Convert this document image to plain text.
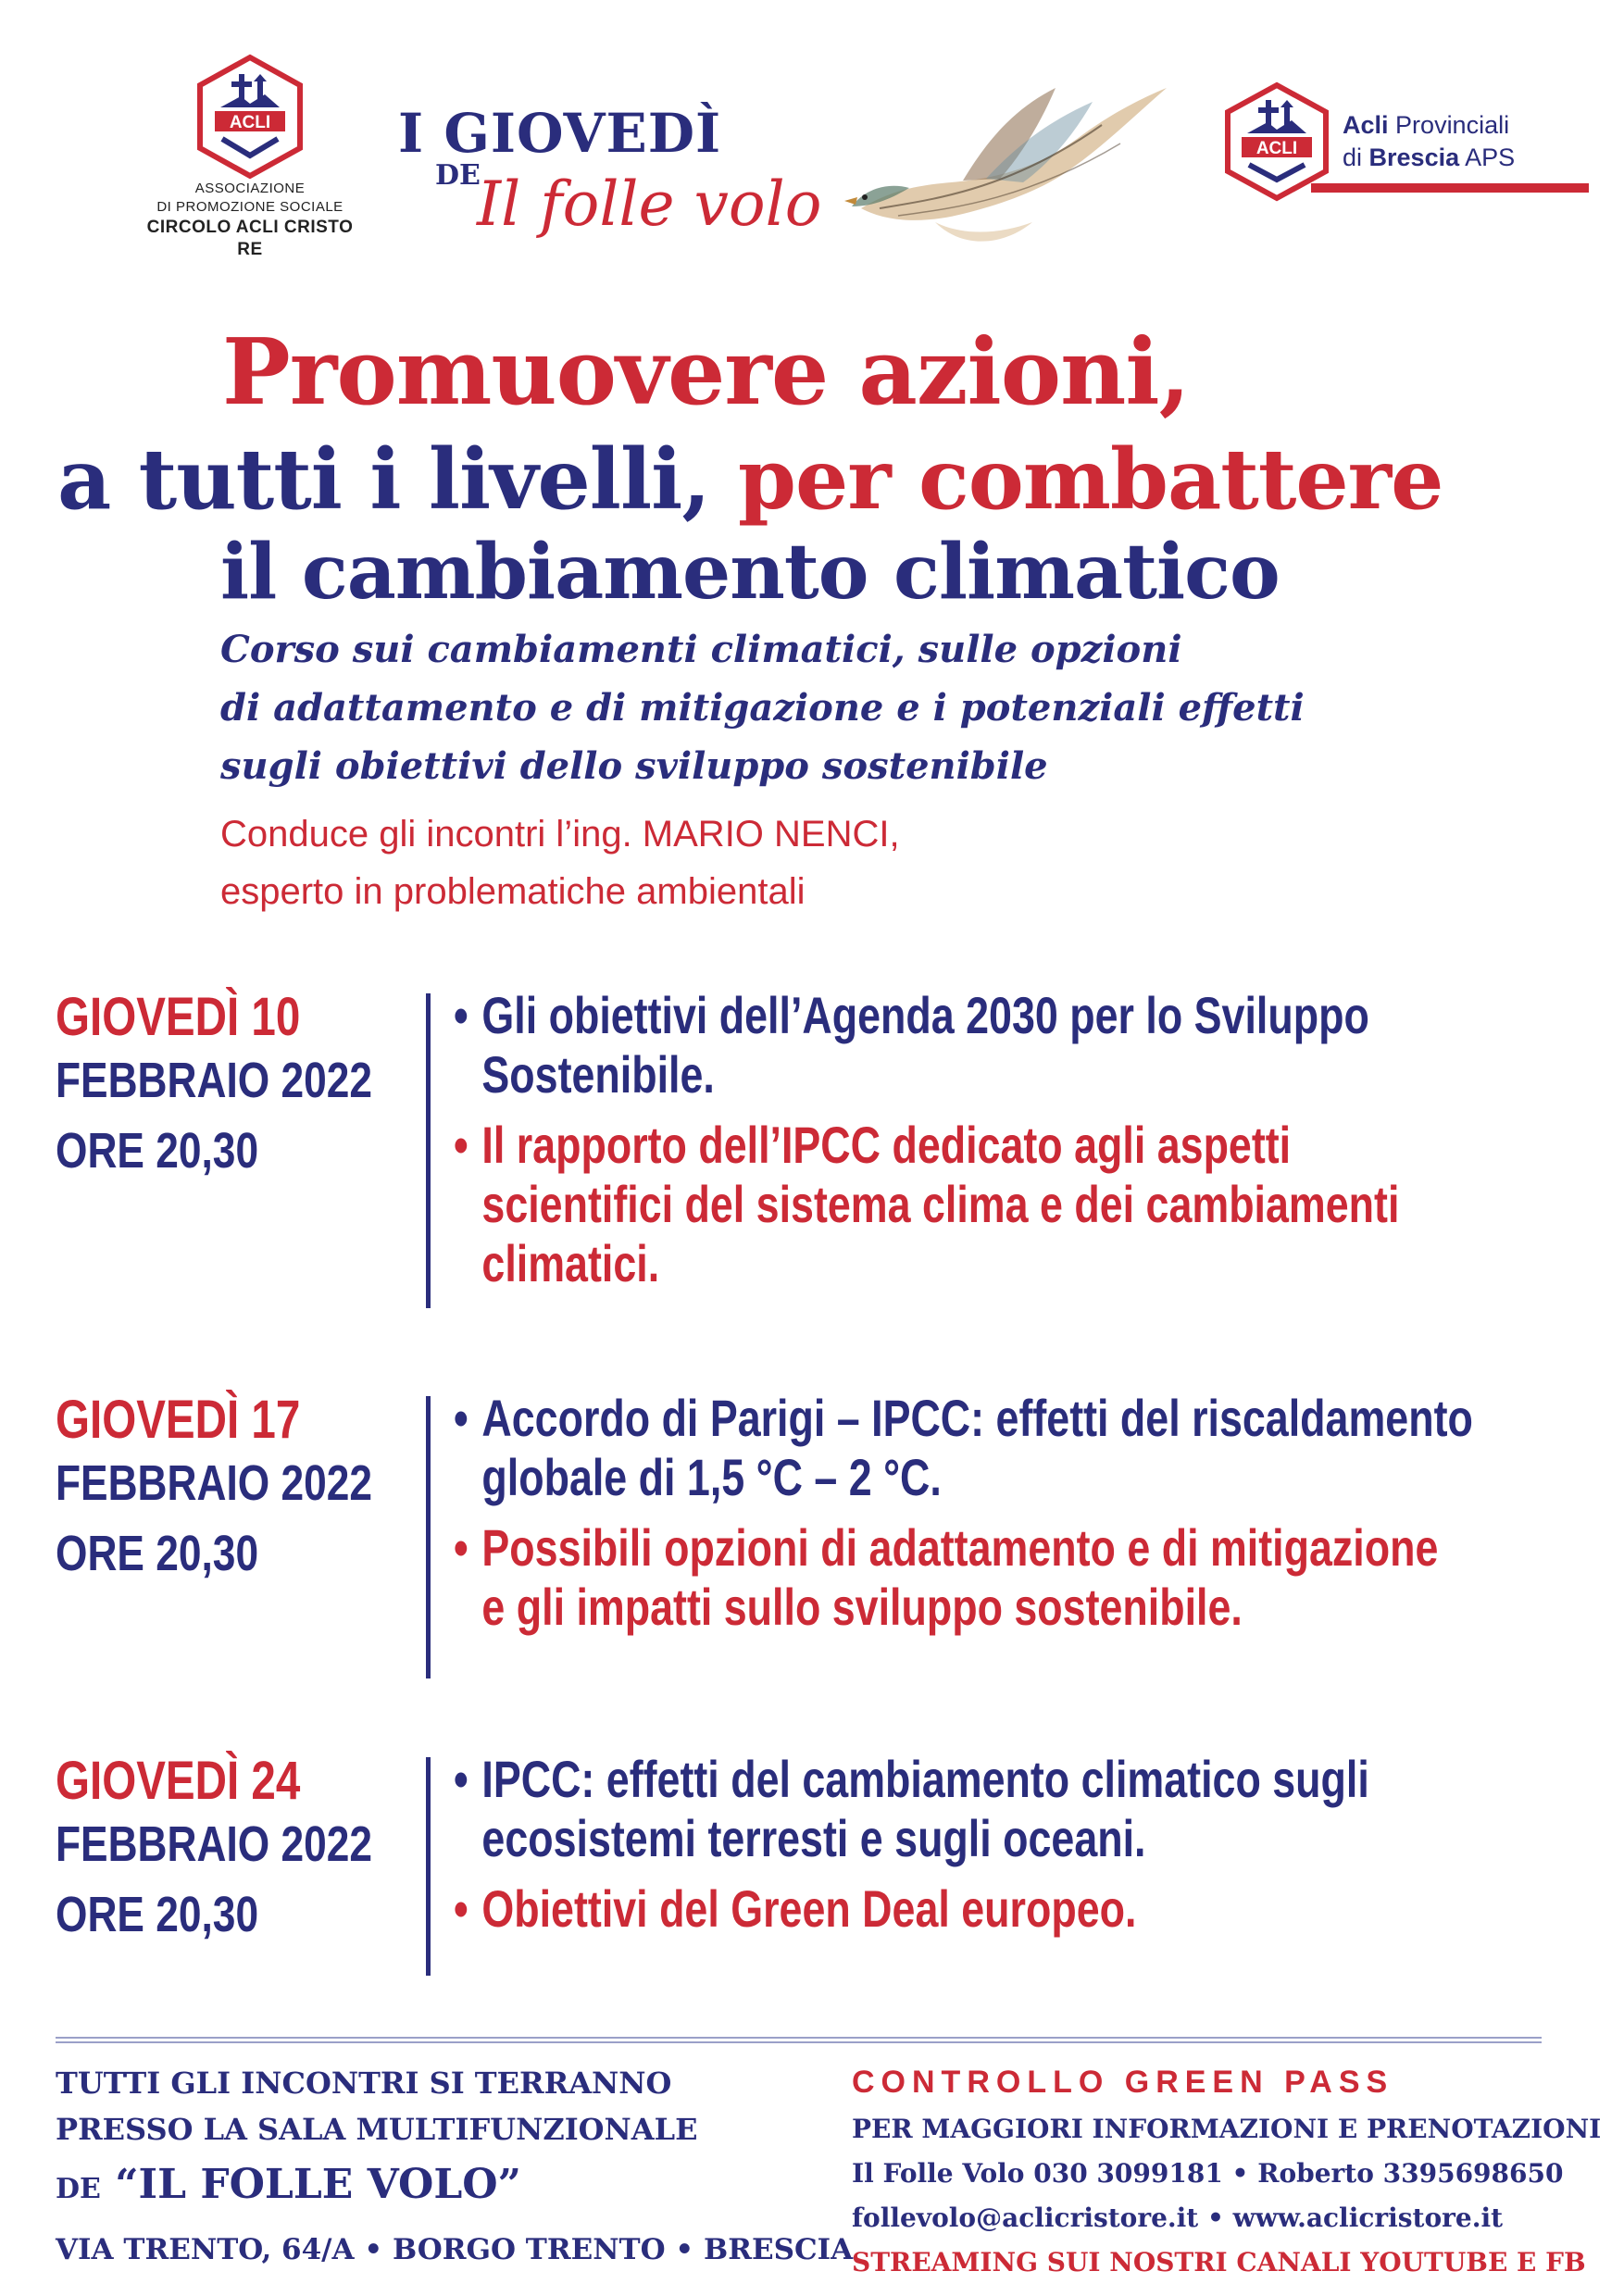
ACLI
ASSOCIAZIONE
DI PROMOZIONE SOCIALE
CIRCOLO ACLI CRISTO RE
I GIOVEDÌ
DE
Il folle volo
ACLI
Acli Provinciali
di Brescia APS
Promuovere azioni,
a tutti i livelli, per combattere
il cambiamento climatico
Corso sui cambiamenti climatici, sulle opzioni
di adattamento e di mitigazione e i potenziali effetti
sugli obiettivi dello sviluppo sostenibile
Conduce gli incontri l’ing. MARIO NENCI,
esperto in problematiche ambientali
GIOVEDÌ 10
FEBBRAIO 2022
ORE 20,30
• Gli obiettivi dell’Agenda 2030 per lo Sviluppo
Sostenibile.
• Il rapporto dell’IPCC dedicato agli aspetti
scientifici del sistema clima e dei cambiamenti
climatici.
GIOVEDÌ 17
FEBBRAIO 2022
ORE 20,30
• Accordo di Parigi – IPCC: effetti del riscaldamento
globale di 1,5 °C – 2 °C.
• Possibili opzioni di adattamento e di mitigazione
e gli impatti sullo sviluppo sostenibile.
GIOVEDÌ 24
FEBBRAIO 2022
ORE 20,30
• IPCC: effetti del cambiamento climatico sugli
ecosistemi terresti e sugli oceani.
• Obiettivi del Green Deal europeo.
TUTTI GLI INCONTRI SI TERRANNO
PRESSO LA SALA MULTIFUNZIONALE
DE “IL FOLLE VOLO”
VIA TRENTO, 64/A • BORGO TRENTO • BRESCIA
CONTROLLO GREEN PASS
PER MAGGIORI INFORMAZIONI E PRENOTAZIONI
Il Folle Volo 030 3099181 • Roberto 3395698650
follevolo@aclicristore.it • www.aclicristore.it
STREAMING SUI NOSTRI CANALI YOUTUBE E FB
